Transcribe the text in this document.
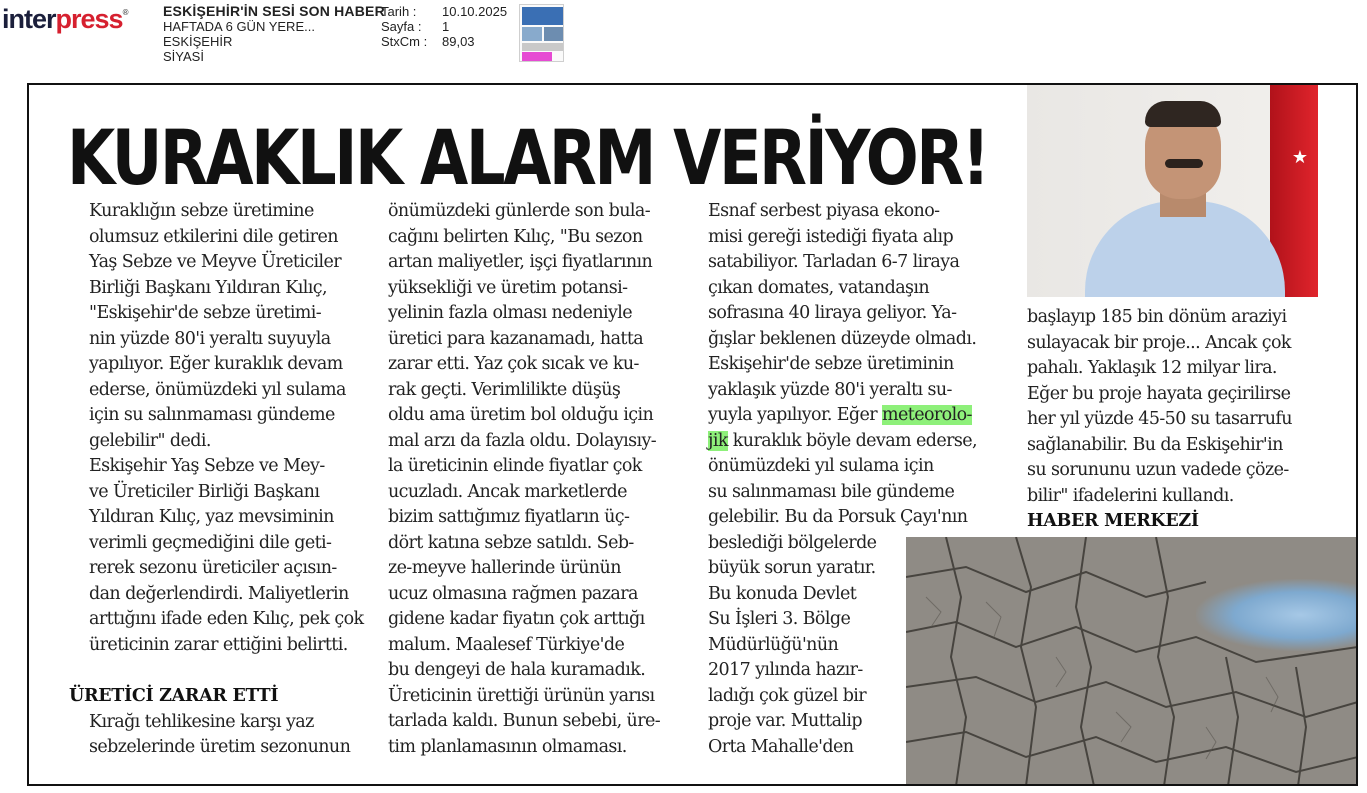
interpress®	ESKİŞEHİR'İN SESİ SON HABER
HAFTADA 6 GÜN YERE...
ESKİŞEHİR
SİYASİ
Tarih :
Sayfa :
StxCm :
10.10.2025
1
89,03
KURAKLIK ALARM VERİYOR!

Kuraklığın sebze üretimine
olumsuz etkilerini dile getiren
Yaş Sebze ve Meyve Üreticiler
Birliği Başkanı Yıldıran Kılıç,
"Eskişehir'de sebze üretimi-
nin yüzde 80'i yeraltı suyuyla
yapılıyor. Eğer kuraklık devam
ederse, önümüzdeki yıl sulama
için su salınmaması gündeme
gelebilir" dedi.

Eskişehir Yaş Sebze ve Mey-
ve Üreticiler Birliği Başkanı
Yıldıran Kılıç, yaz mevsiminin
verimli geçmediğini dile geti-
rerek sezonu üreticiler açısın-
dan değerlendirdi. Maliyetlerin
arttığını ifade eden Kılıç, pek çok
üreticinin zarar ettiğini belirtti.

ÜRETİCİ ZARAR ETTİ

Kırağı tehlikesine karşı yaz
sebzelerinde üretim sezonunun

önümüzdeki günlerde son bula-
cağını belirten Kılıç, "Bu sezon
artan maliyetler, işçi fiyatlarının
yüksekliği ve üretim potansi-
yelinin fazla olması nedeniyle
üretici para kazanamadı, hatta
zarar etti. Yaz çok sıcak ve ku-
rak geçti. Verimlilikte düşüş
oldu ama üretim bol olduğu için
mal arzı da fazla oldu. Dolayısıy-
la üreticinin elinde fiyatlar çok
ucuzladı. Ancak marketlerde
bizim sattığımız fiyatların üç-
dört katına sebze satıldı. Seb-
ze-meyve hallerinde ürünün
ucuz olmasına rağmen pazara
gidene kadar fiyatın çok arttığı
malum. Maalesef Türkiye'de
bu dengeyi de hala kuramadık.
Üreticinin ürettiği ürünün yarısı
tarlada kaldı. Bunun sebebi, üre-
tim planlamasının olmaması.

Esnaf serbest piyasa ekono-
misi gereği istediği fiyata alıp
satabiliyor. Tarladan 6-7 liraya
çıkan domates, vatandaşın
sofrasına 40 liraya geliyor. Ya-
ğışlar beklenen düzeyde olmadı.
Eskişehir'de sebze üretiminin
yaklaşık yüzde 80'i yeraltı su-
yuyla yapılıyor. Eğer meteorolo-
jik kuraklık böyle devam ederse,
önümüzdeki yıl sulama için
su salınmaması bile gündeme
gelebilir. Bu da Porsuk Çayı'nın
beslediği bölgelerde
büyük sorun yaratır.
Bu konuda Devlet
Su İşleri 3. Bölge
Müdürlüğü'nün
2017 yılında hazır-
ladığı çok güzel bir
proje var. Muttalip
Orta Mahalle'den

★

başlayıp 185 bin dönüm araziyi
sulayacak bir proje... Ancak çok
pahalı. Yaklaşık 12 milyar lira.
Eğer bu proje hayata geçirilirse
her yıl yüzde 45-50 su tasarrufu
sağlanabilir. Bu da Eskişehir'in
su sorununu uzun vadede çöze-
bilir" ifadelerini kullandı.

HABER MERKEZİ
